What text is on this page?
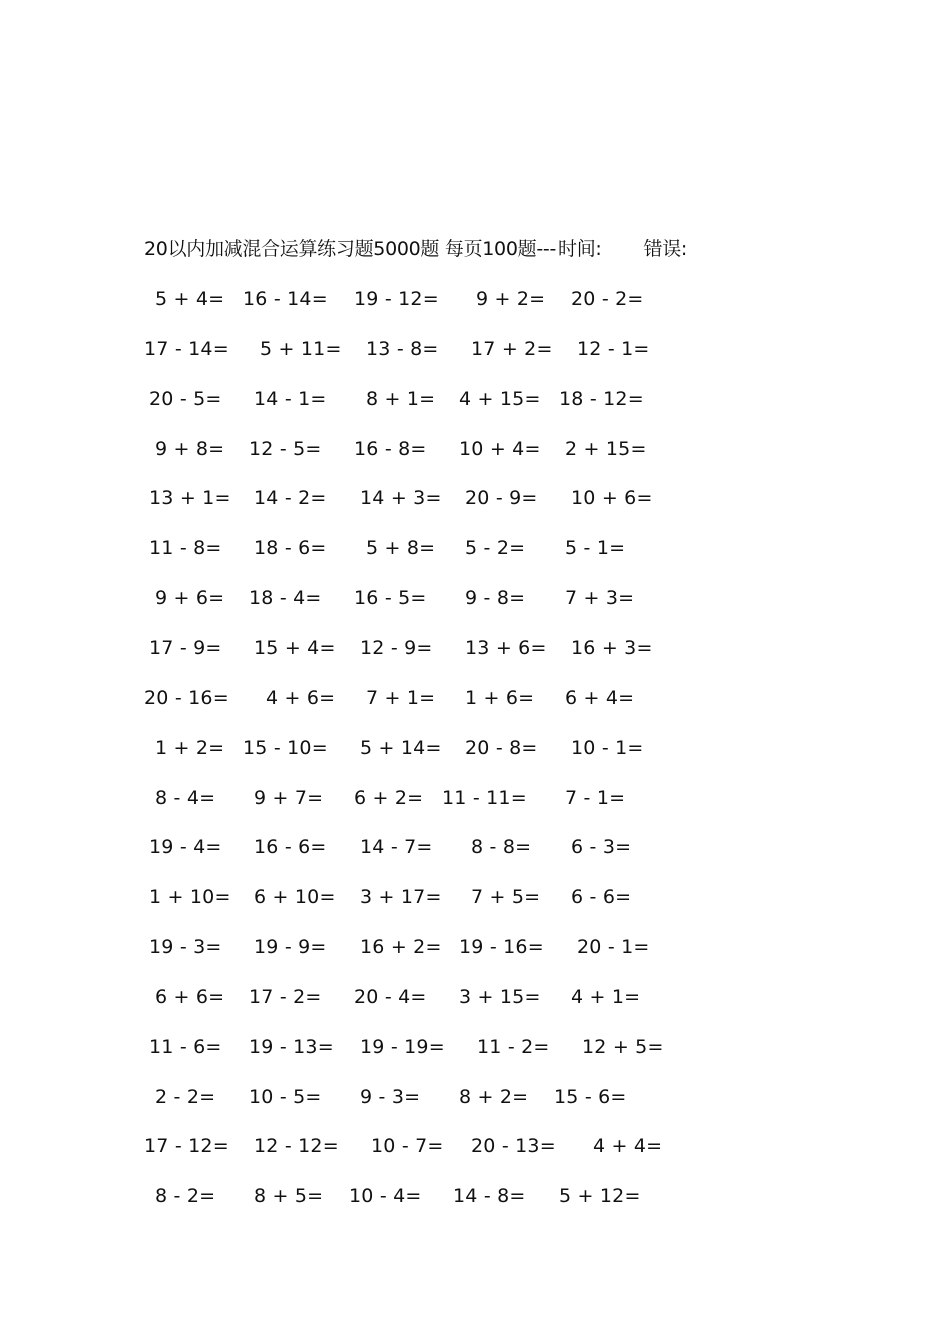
20以内加减混合运算练习题5000题 每页100题--- 时间: 错误:
5 + 4= 16 - 14= 19 - 12= 9 + 2= 20 - 2=
17 - 14= 5 + 11= 13 - 8= 17 + 2= 12 - 1=
20 - 5= 14 - 1= 8 + 1= 4 + 15= 18 - 12=
9 + 8= 12 - 5= 16 - 8= 10 + 4= 2 + 15=
13 + 1= 14 - 2= 14 + 3= 20 - 9= 10 + 6=
11 - 8= 18 - 6= 5 + 8= 5 - 2= 5 - 1=
9 + 6= 18 - 4= 16 - 5= 9 - 8= 7 + 3=
17 - 9= 15 + 4= 12 - 9= 13 + 6= 16 + 3=
20 - 16= 4 + 6= 7 + 1= 1 + 6= 6 + 4=
1 + 2= 15 - 10= 5 + 14= 20 - 8= 10 - 1=
8 - 4= 9 + 7= 6 + 2= 11 - 11= 7 - 1=
19 - 4= 16 - 6= 14 - 7= 8 - 8= 6 - 3=
1 + 10= 6 + 10= 3 + 17= 7 + 5= 6 - 6=
19 - 3= 19 - 9= 16 + 2= 19 - 16= 20 - 1=
6 + 6= 17 - 2= 20 - 4= 3 + 15= 4 + 1=
11 - 6= 19 - 13= 19 - 19= 11 - 2= 12 + 5=
2 - 2= 10 - 5= 9 - 3= 8 + 2= 15 - 6=
17 - 12= 12 - 12= 10 - 7= 20 - 13= 4 + 4=
8 - 2= 8 + 5= 10 - 4= 14 - 8= 5 + 12=
